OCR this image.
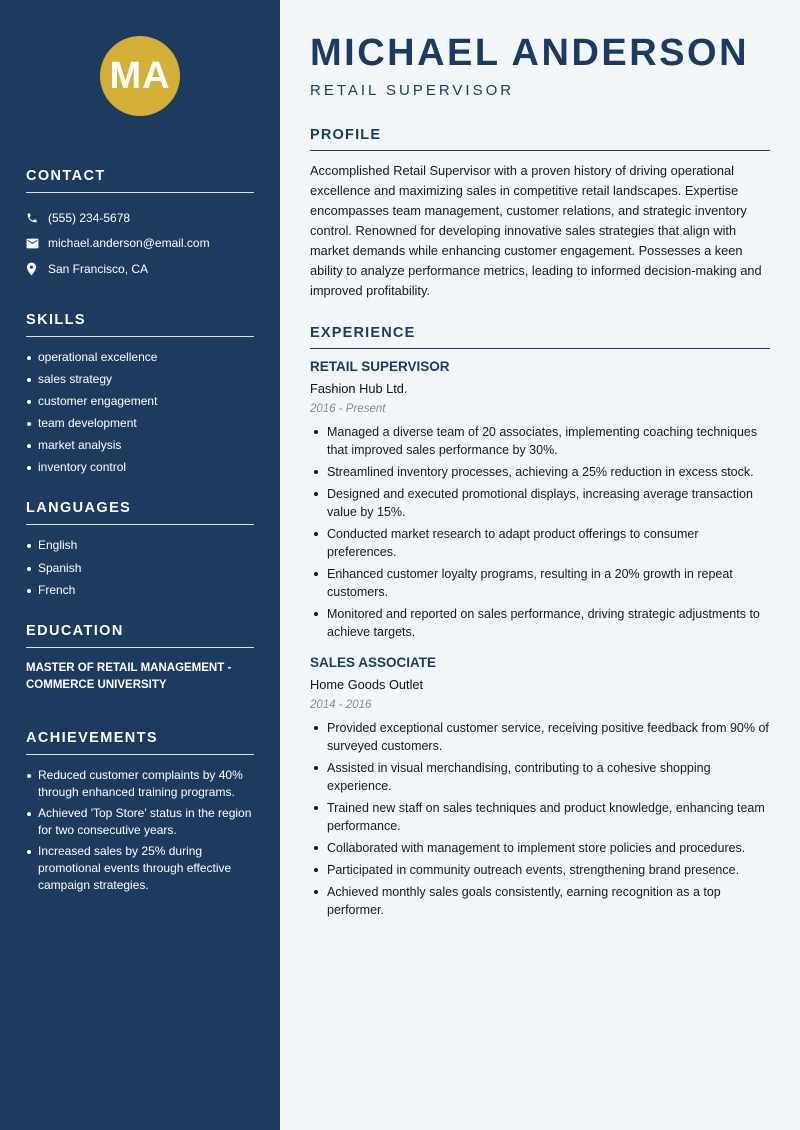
MA
CONTACT
(555) 234-5678
michael.anderson@email.com
San Francisco, CA
SKILLS
operational excellence
sales strategy
customer engagement
team development
market analysis
inventory control
LANGUAGES
English
Spanish
French
EDUCATION
MASTER OF RETAIL MANAGEMENT - COMMERCE UNIVERSITY
ACHIEVEMENTS
Reduced customer complaints by 40% through enhanced training programs.
Achieved 'Top Store' status in the region for two consecutive years.
Increased sales by 25% during promotional events through effective campaign strategies.
MICHAEL ANDERSON
RETAIL SUPERVISOR
PROFILE

Accomplished Retail Supervisor with a proven history of driving operational excellence and maximizing sales in competitive retail landscapes. Expertise encompasses team management, customer relations, and strategic inventory control. Renowned for developing innovative sales strategies that align with market demands while enhancing customer engagement. Possesses a keen ability to analyze performance metrics, leading to informed decision-making and improved profitability.

EXPERIENCE
RETAIL SUPERVISOR
Fashion Hub Ltd.
2016 - Present
Managed a diverse team of 20 associates, implementing coaching techniques that improved sales performance by 30%.
Streamlined inventory processes, achieving a 25% reduction in excess stock.
Designed and executed promotional displays, increasing average transaction value by 15%.
Conducted market research to adapt product offerings to consumer preferences.
Enhanced customer loyalty programs, resulting in a 20% growth in repeat customers.
Monitored and reported on sales performance, driving strategic adjustments to achieve targets.
SALES ASSOCIATE
Home Goods Outlet
2014 - 2016
Provided exceptional customer service, receiving positive feedback from 90% of surveyed customers.
Assisted in visual merchandising, contributing to a cohesive shopping experience.
Trained new staff on sales techniques and product knowledge, enhancing team performance.
Collaborated with management to implement store policies and procedures.
Participated in community outreach events, strengthening brand presence.
Achieved monthly sales goals consistently, earning recognition as a top performer.
